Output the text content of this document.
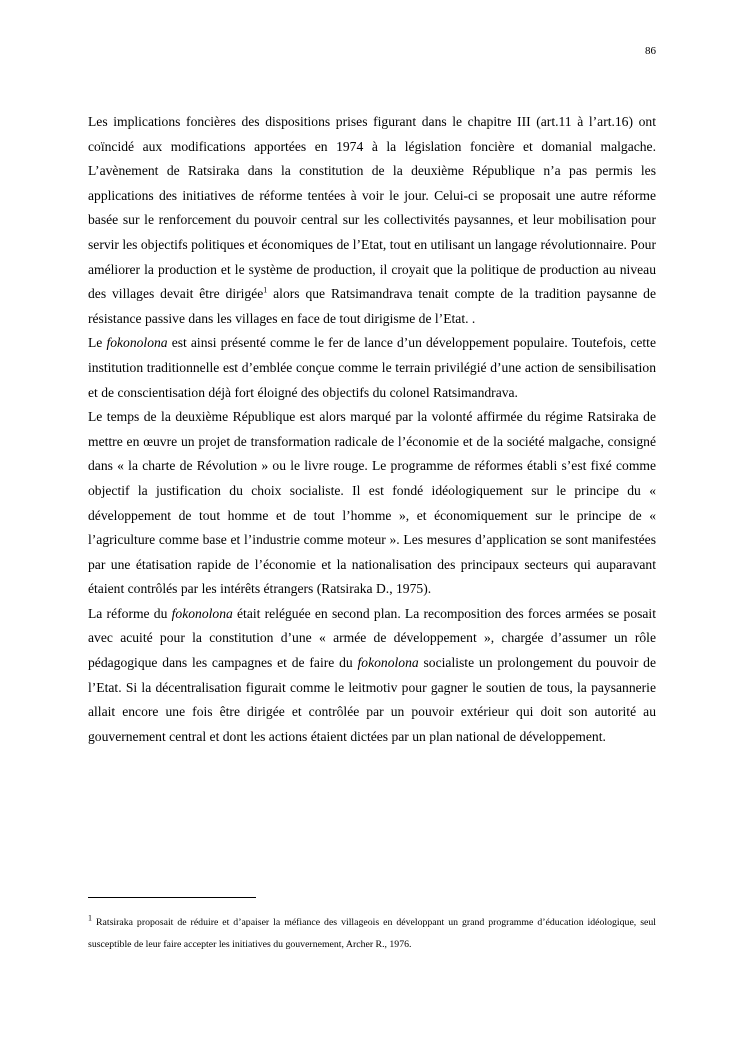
86

Les implications foncières des dispositions prises figurant dans le chapitre III (art.11 à l’art.16) ont coïncidé aux modifications apportées en 1974 à la législation foncière et domanial malgache. L’avènement de Ratsiraka dans la constitution de la deuxième République n’a pas permis les applications des initiatives de réforme tentées à voir le jour. Celui-ci se proposait une autre réforme basée sur le renforcement du pouvoir central sur les collectivités paysannes, et leur mobilisation pour servir les objectifs politiques et économiques de l’Etat, tout en utilisant un langage révolutionnaire. Pour améliorer la production et le système de production, il croyait que la politique de production au niveau des villages devait être dirigée$^1$ alors que Ratsimandrava tenait compte de la tradition paysanne de résistance passive dans les villages en face de tout dirigisme de l’Etat. .

Le fokonolona est ainsi présenté comme le fer de lance d’un développement populaire. Toutefois, cette institution traditionnelle est d’emblée conçue comme le terrain privilégié d’une action de sensibilisation et de conscientisation déjà fort éloigné des objectifs du colonel Ratsimandrava.

Le temps de la deuxième République est alors marqué par la volonté affirmée du régime Ratsiraka de mettre en œuvre un projet de transformation radicale de l’économie et de la société malgache, consigné dans « la charte de Révolution » ou le livre rouge. Le programme de réformes établi s’est fixé comme objectif la justification du choix socialiste. Il est fondé idéologiquement sur le principe du « développement de tout homme et de tout l’homme », et économiquement sur le principe de « l’agriculture comme base et l’industrie comme moteur ». Les mesures d’application se sont manifestées par une étatisation rapide de l’économie et la nationalisation des principaux secteurs qui auparavant étaient contrôlés par les intérêts étrangers (Ratsiraka D., 1975).

La réforme du fokonolona était reléguée en second plan. La recomposition des forces armées se posait avec acuité pour la constitution d’une « armée de développement », chargée d’assumer un rôle pédagogique dans les campagnes et de faire du fokonolona socialiste un prolongement du pouvoir de l’Etat. Si la décentralisation figurait comme le leitmotiv pour gagner le soutien de tous, la paysannerie allait encore une fois être dirigée et contrôlée par un pouvoir extérieur qui doit son autorité au gouvernement central et dont les actions étaient dictées par un plan national de développement.

$^1$ Ratsiraka proposait de réduire et d’apaiser la méfiance des villageois en développant un grand programme d’éducation idéologique, seul susceptible de leur faire accepter les initiatives du gouvernement, Archer R., 1976.
